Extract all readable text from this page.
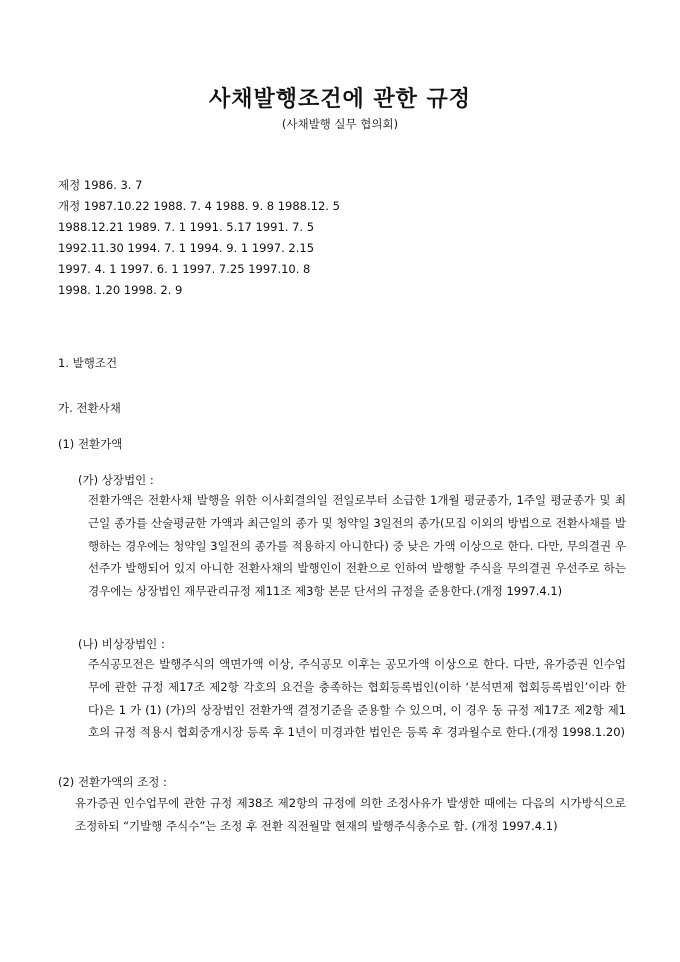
사채발행조건에 관한 규정
(사채발행 실무 협의회)
제정 1986. 3. 7
개정 1987.10.22 1988. 7. 4 1988. 9. 8 1988.12. 5
1988.12.21 1989. 7. 1 1991. 5.17 1991. 7. 5
1992.11.30 1994. 7. 1 1994. 9. 1 1997. 2.15
1997. 4. 1 1997. 6. 1 1997. 7.25 1997.10. 8
1998. 1.20 1998. 2. 9
1. 발행조건
가. 전환사채
(1) 전환가액
(가) 상장법인 :
전환가액은 전환사채 발행을 위한 이사회결의일 전일로부터 소급한 1개월 평균종가, 1주일 평균종가 및 최근일 종가를 산술평균한 가액과 최근일의 종가 및 청약일 3일전의 종가(모집 이외의 방법으로 전환사채를 발행하는 경우에는 청약일 3일전의 종가를 적용하지 아니한다) 중 낮은 가액 이상으로 한다. 다만, 무의결권 우선주가 발행되어 있지 아니한 전환사채의 발행인이 전환으로 인하여 발행할 주식을 무의결권 우선주로 하는 경우에는 상장법인 재무관리규정 제11조 제3항 본문 단서의 규정을 준용한다.(개정 1997.4.1)
(나) 비상장법인 :
주식공모전은 발행주식의 액면가액 이상, 주식공모 이후는 공모가액 이상으로 한다. 다만, 유가증권 인수업무에 관한 규정 제17조 제2항 각호의 요건을 충족하는 협회등록법인(이하 ‘분석면제 협회등록법인’이라 한다)은 1 가 (1) (가)의 상장법인 전환가액 결정기준을 준용할 수 있으며, 이 경우 동 규정 제17조 제2항 제1호의 규정 적용시 협회중개시장 등록 후 1년이 미경과한 법인은 등록 후 경과월수로 한다.(개정 1998.1.20)
(2) 전환가액의 조정 :
유가증권 인수업무에 관한 규정 제38조 제2항의 규정에 의한 조정사유가 발생한 때에는 다음의 시가방식으로 조정하되 “기발행 주식수”는 조정 후 전환 직전월말 현재의 발행주식총수로 함. (개정 1997.4.1)
